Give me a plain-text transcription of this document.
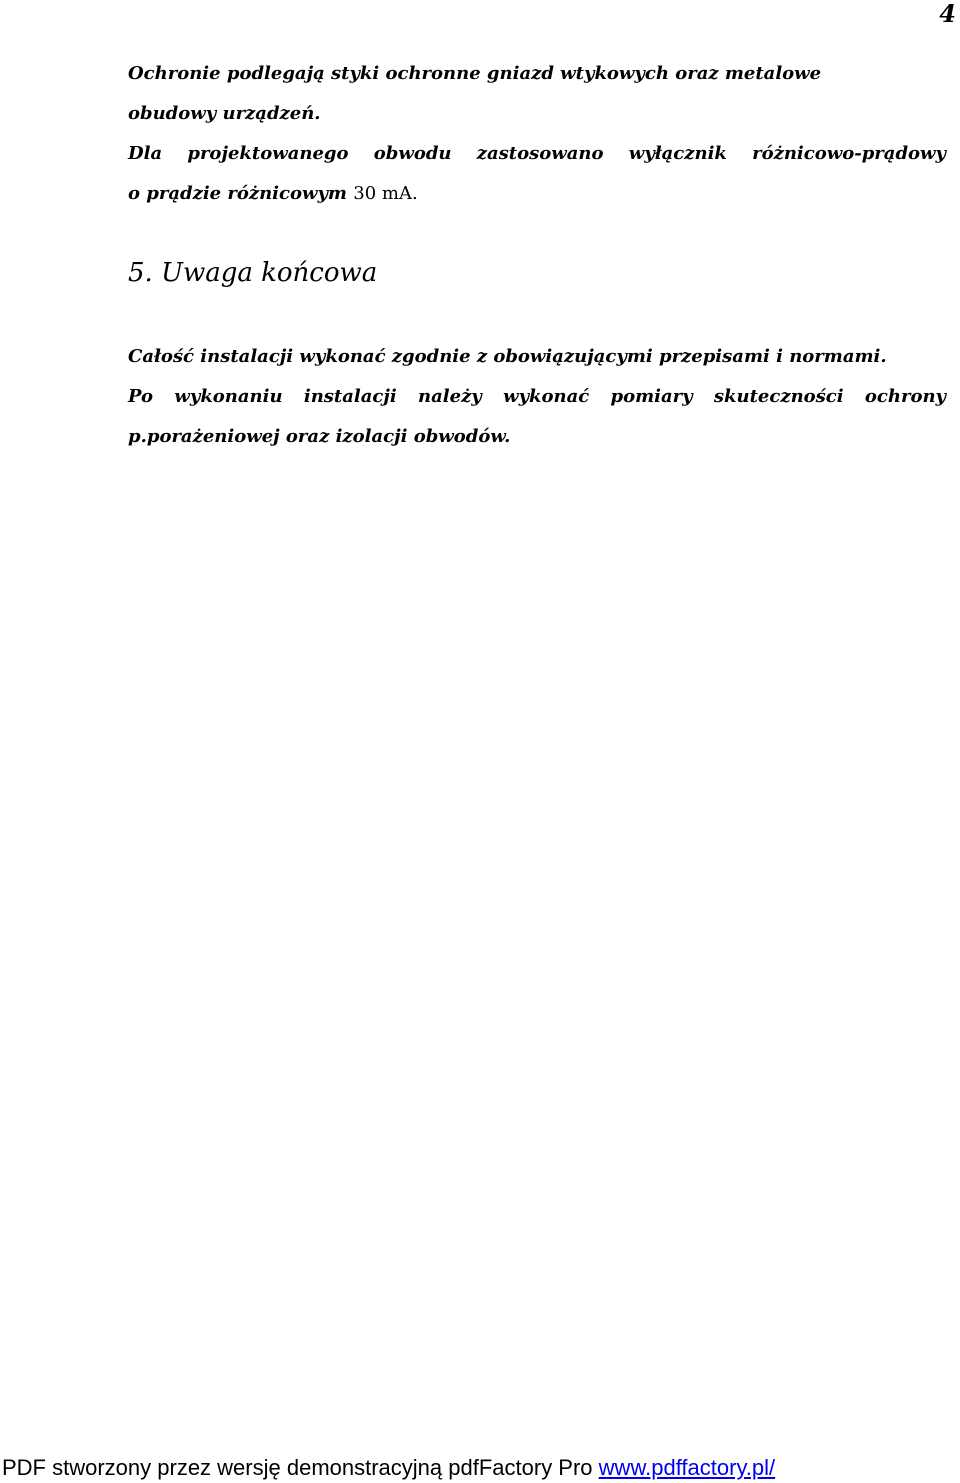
4
Ochronie podlegają styki ochronne gniazd wtykowych oraz metalowe
obudowy urządzeń.
Dla projektowanego obwodu zastosowano wyłącznik różnicowo-prądowy
o prądzie różnicowym 30 mA.
5. Uwaga końcowa
Całość instalacji wykonać zgodnie z obowiązującymi przepisami i normami.
Po wykonaniu instalacji należy wykonać pomiary skuteczności ochrony
p.porażeniowej oraz izolacji obwodów.
PDF stworzony przez wersję demonstracyjną pdfFactory Pro www.pdffactory.pl/
